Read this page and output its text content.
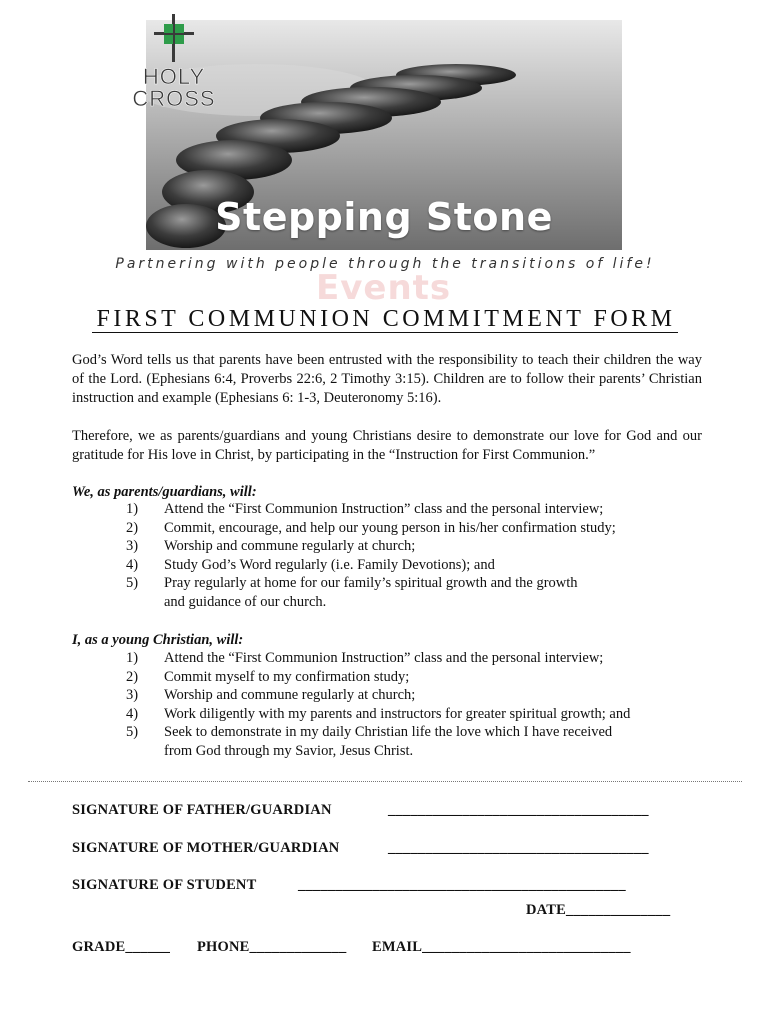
HOLY
CROSS
Stepping Stone
Events
Partnering with people through the transitions of life!
FIRST COMMUNION COMMITMENT FORM

God’s Word tells us that parents have been entrusted with the responsibility to teach their children the way of the Lord. (Ephesians 6:4, Proverbs 22:6, 2 Timothy 3:15). Children are to follow their parents’ Christian instruction and example (Ephesians 6: 1-3, Deuteronomy 5:16).

Therefore, we as parents/guardians and young Christians desire to demonstrate our love for God and our gratitude for His love in Christ, by participating in the “Instruction for First Communion.”

We, as parents/guardians, will:
1) Attend the “First Communion Instruction” class and the personal interview;
2) Commit, encourage, and help our young person in his/her confirmation study;
3) Worship and commune regularly at church;
4) Study God’s Word regularly (i.e. Family Devotions); and
5) Pray regularly at home for our family’s spiritual growth and the growth and guidance of our church.
I, as a young Christian, will:
1) Attend the “First Communion Instruction” class and the personal interview;
2) Commit myself to my confirmation study;
3) Worship and commune regularly at church;
4) Work diligently with my parents and instructors for greater spiritual growth; and
5) Seek to demonstrate in my daily Christian life the love which I have received from God through my Savior, Jesus Christ.
SIGNATURE OF FATHER/GUARDIAN	___________________________________
SIGNATURE OF MOTHER/GUARDIAN	___________________________________
SIGNATURE OF STUDENT	____________________________________________
DATE______________
GRADE______ PHONE_____________ EMAIL____________________________
